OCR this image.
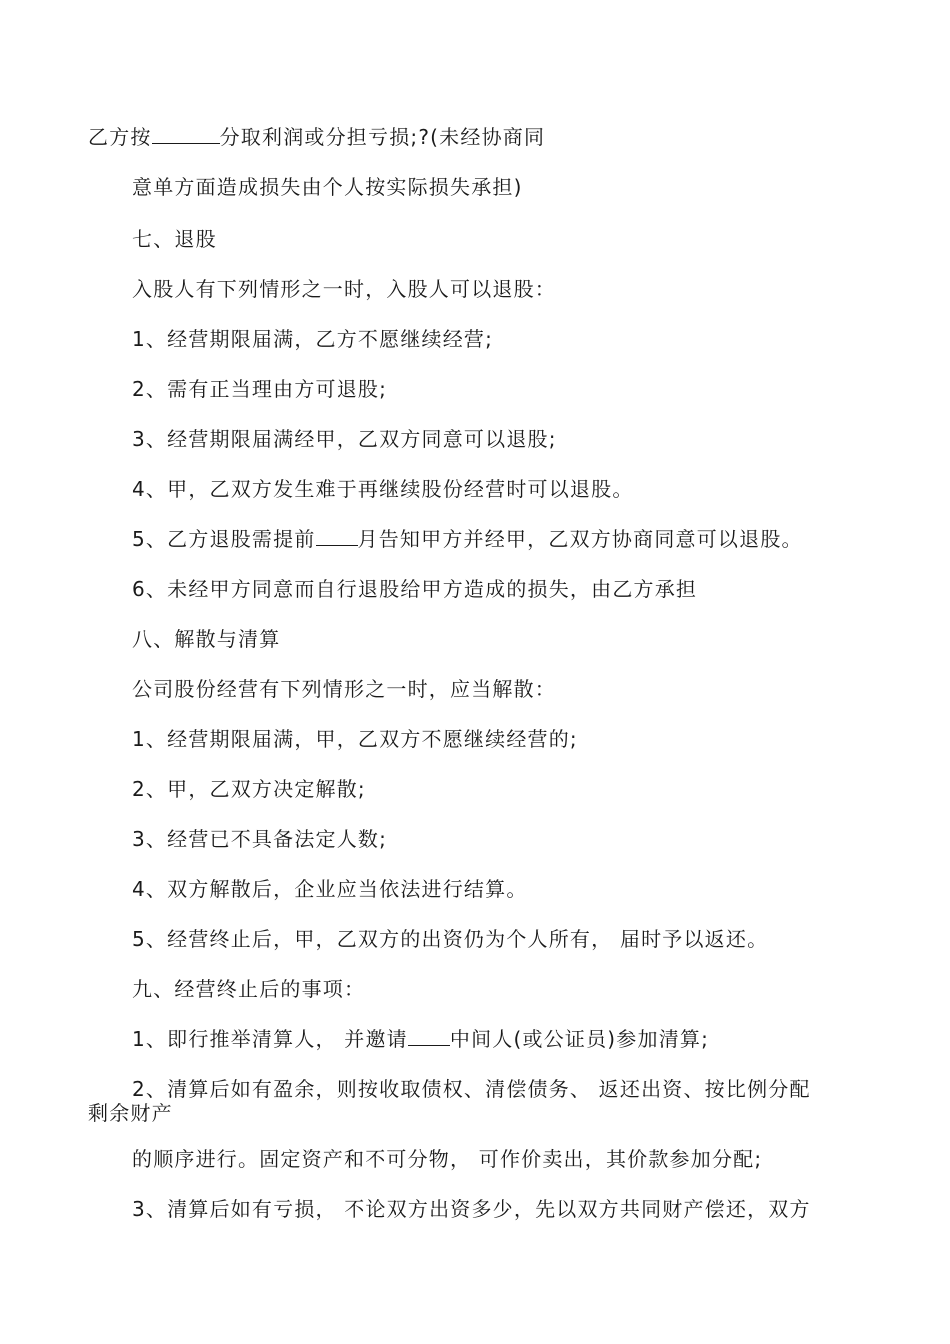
乙方按	分取利润或分担亏损;?(未经协商同
意单方面造成损失由个人按实际损失承担)
七、退股
入股人有下列情形之一时，入股人可以退股：
1、经营期限届满，乙方不愿继续经营;
2、需有正当理由方可退股;
3、经营期限届满经甲，乙双方同意可以退股;
4、甲，乙双方发生难于再继续股份经营时可以退股。
5、乙方退股需提前 月告知甲方并经甲，乙双方协商同意可以退股。
6、未经甲方同意而自行退股给甲方造成的损失，由乙方承担
八、解散与清算
公司股份经营有下列情形之一时，应当解散：
1、经营期限届满，甲，乙双方不愿继续经营的;
2、甲，乙双方决定解散;
3、经营已不具备法定人数;
4、双方解散后，企业应当依法进行结算。
5、经营终止后，甲，乙双方的出资仍为个人所有， 届时予以返还。
九、经营终止后的事项：
1、即行推举清算人， 并邀请 中间人(或公证员)参加清算;
2、清算后如有盈余，则按收取债权、清偿债务、 返还出资、按比例分配
剩余财产
的顺序进行。固定资产和不可分物， 可作价卖出，其价款参加分配;
3、清算后如有亏损， 不论双方出资多少，先以双方共同财产偿还，双方
